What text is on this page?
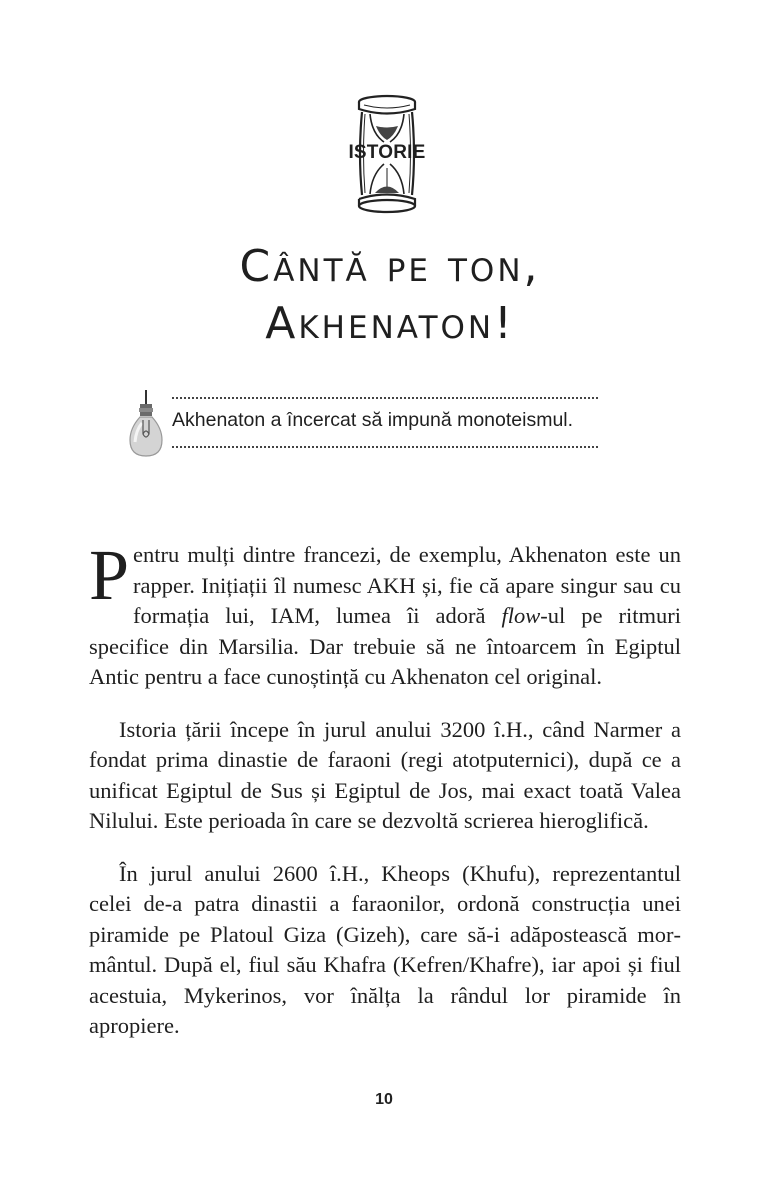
ISTORIE
Cântă pe ton,
Akhenaton!
Akhenaton a încercat să impună monoteismul.

Pentru mulți dintre francezi, de exemplu, Akhenaton este un rapper. Inițiații îl numesc AKH și, fie că apare singur sau cu formația lui, IAM, lumea îi adoră flow-ul pe ritmuri specifice din Marsilia. Dar trebuie să ne întoarcem în Egiptul Antic pentru a face cunoștință cu Akhenaton cel original.

Istoria țării începe în jurul anului 3200 î.H., când Narmer a fondat prima dinastie de faraoni (regi atotputernici), după ce a unificat Egiptul de Sus și Egiptul de Jos, mai exact toată Valea Nilului. Este perioada în care se dezvoltă scrierea hieroglifică.

În jurul anului 2600 î.H., Kheops (Khufu), reprezentantul celei de-a patra dinastii a faraonilor, ordonă construcția unei piramide pe Platoul Giza (Gizeh), care să-i adăpostească mormântul. După el, fiul său Khafra (Kefren/Khafre), iar apoi și fiul acestuia, Mykerinos, vor înălța la rândul lor piramide în apropiere.

10
